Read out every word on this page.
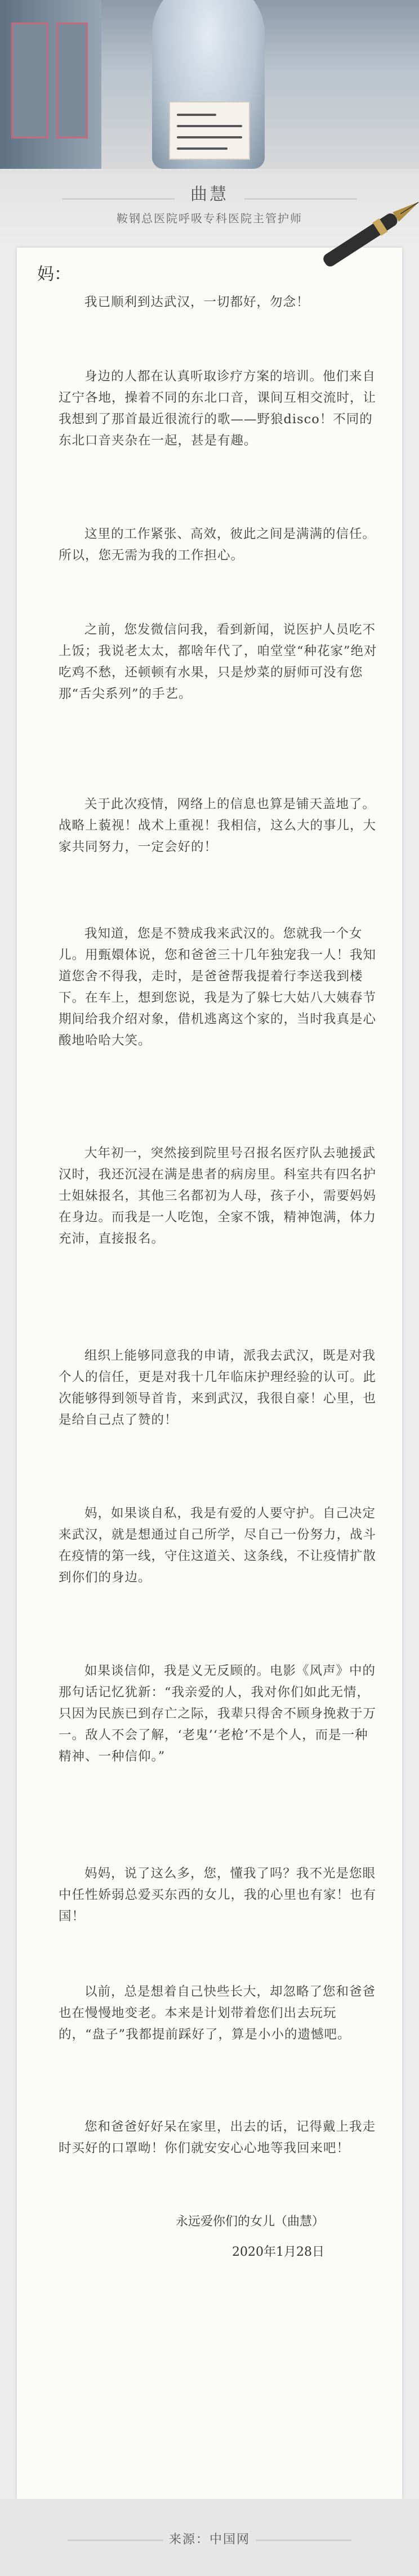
曲慧
鞍钢总医院呼吸专科医院主管护师
妈：

我已顺利到达武汉，一切都好，勿念！

身边的人都在认真听取诊疗方案的培训。他们来自辽宁各地，操着不同的东北口音，课间互相交流时，让我想到了那首最近很流行的歌——野狼disco！不同的东北口音夹杂在一起，甚是有趣。

这里的工作紧张、高效，彼此之间是满满的信任。所以，您无需为我的工作担心。

之前，您发微信问我，看到新闻，说医护人员吃不上饭；我说老太太，都啥年代了，咱堂堂“种花家”绝对吃鸡不愁，还顿顿有水果，只是炒菜的厨师可没有您那“舌尖系列”的手艺。

关于此次疫情，网络上的信息也算是铺天盖地了。战略上藐视！战术上重视！我相信，这么大的事儿，大家共同努力，一定会好的！

我知道，您是不赞成我来武汉的。您就我一个女儿。用甄嬛体说，您和爸爸三十几年独宠我一人！我知道您舍不得我，走时，是爸爸帮我提着行李送我到楼下。在车上，想到您说，我是为了躲七大姑八大姨春节期间给我介绍对象，借机逃离这个家的，当时我真是心酸地哈哈大笑。

大年初一，突然接到院里号召报名医疗队去驰援武汉时，我还沉浸在满是患者的病房里。科室共有四名护士姐妹报名，其他三名都初为人母，孩子小，需要妈妈在身边。而我是一人吃饱，全家不饿，精神饱满，体力充沛，直接报名。

组织上能够同意我的申请，派我去武汉，既是对我个人的信任，更是对我十几年临床护理经验的认可。此次能够得到领导首肯，来到武汉，我很自豪！心里，也是给自己点了赞的！

妈，如果谈自私，我是有爱的人要守护。自己决定来武汉，就是想通过自己所学，尽自己一份努力，战斗在疫情的第一线，守住这道关、这条线，不让疫情扩散到你们的身边。

如果谈信仰，我是义无反顾的。电影《风声》中的那句话记忆犹新：“我亲爱的人，我对你们如此无情，只因为民族已到存亡之际，我辈只得舍不顾身挽救于万一。敌人不会了解，‘老鬼’‘老枪’不是个人，而是一种精神、一种信仰。”

妈妈，说了这么多，您，懂我了吗？我不光是您眼中任性娇弱总爱买东西的女儿，我的心里也有家！也有国！

以前，总是想着自己快些长大，却忽略了您和爸爸也在慢慢地变老。本来是计划带着您们出去玩玩的，“盘子”我都提前踩好了，算是小小的遗憾吧。

您和爸爸好好呆在家里，出去的话，记得戴上我走时买好的口罩呦！你们就安安心心地等我回来吧！

永远爱你们的女儿（曲慧）

2020年1月28日

来源：中国网
